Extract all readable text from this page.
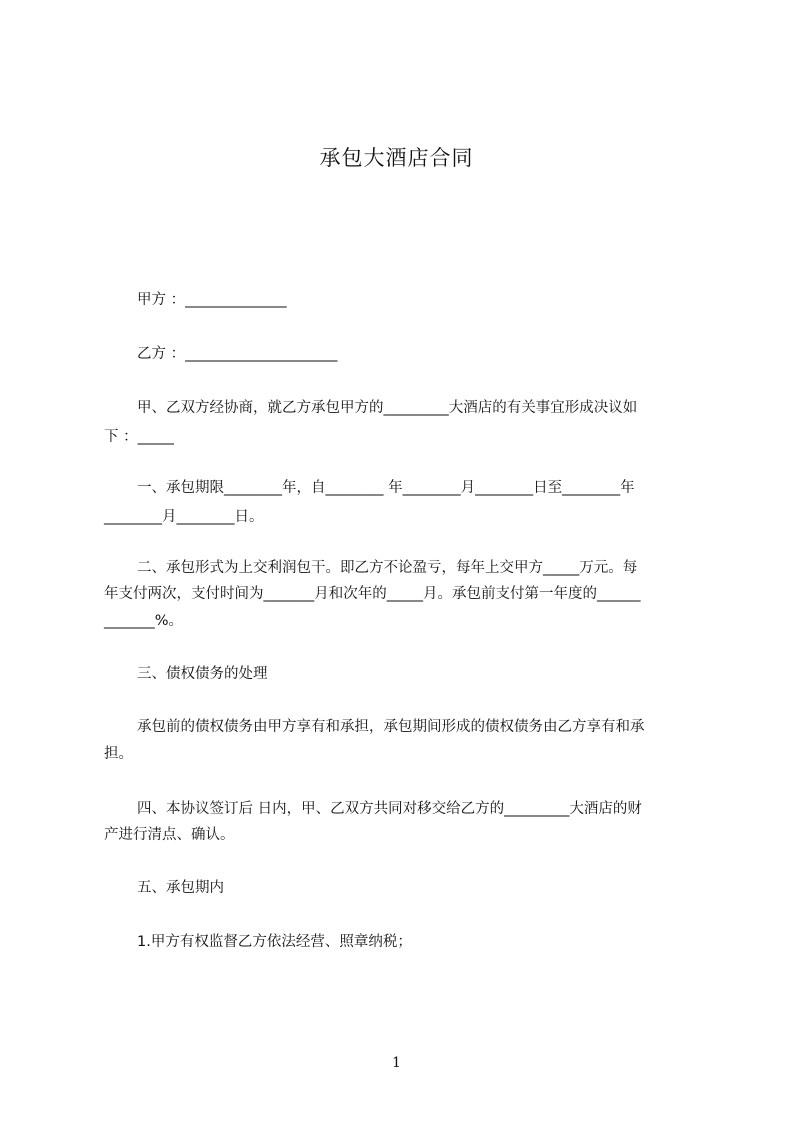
承包大酒店合同
甲方 ：______________
乙方 ：_____________________
甲、乙双方经协商，就乙方承包甲方的_________大酒店的有关事宜形成决议如
下 ：_____
一、承包期限________年，自________ 年________月________日至________年
________月________日。
二、承包形式为上交利润包干。即乙方不论盈亏，每年上交甲方_____万元。每
年支付两次，支付时间为_______月和次年的_____月。承包前支付第一年度的______
_______%。
三、债权债务的处理
承包前的债权债务由甲方享有和承担，承包期间形成的债权债务由乙方享有和承
担。
四、本协议签订后 日内，甲、乙双方共同对移交给乙方的_________大酒店的财
产进行清点、确认。
五、承包期内
1.甲方有权监督乙方依法经营、照章纳税；
1
